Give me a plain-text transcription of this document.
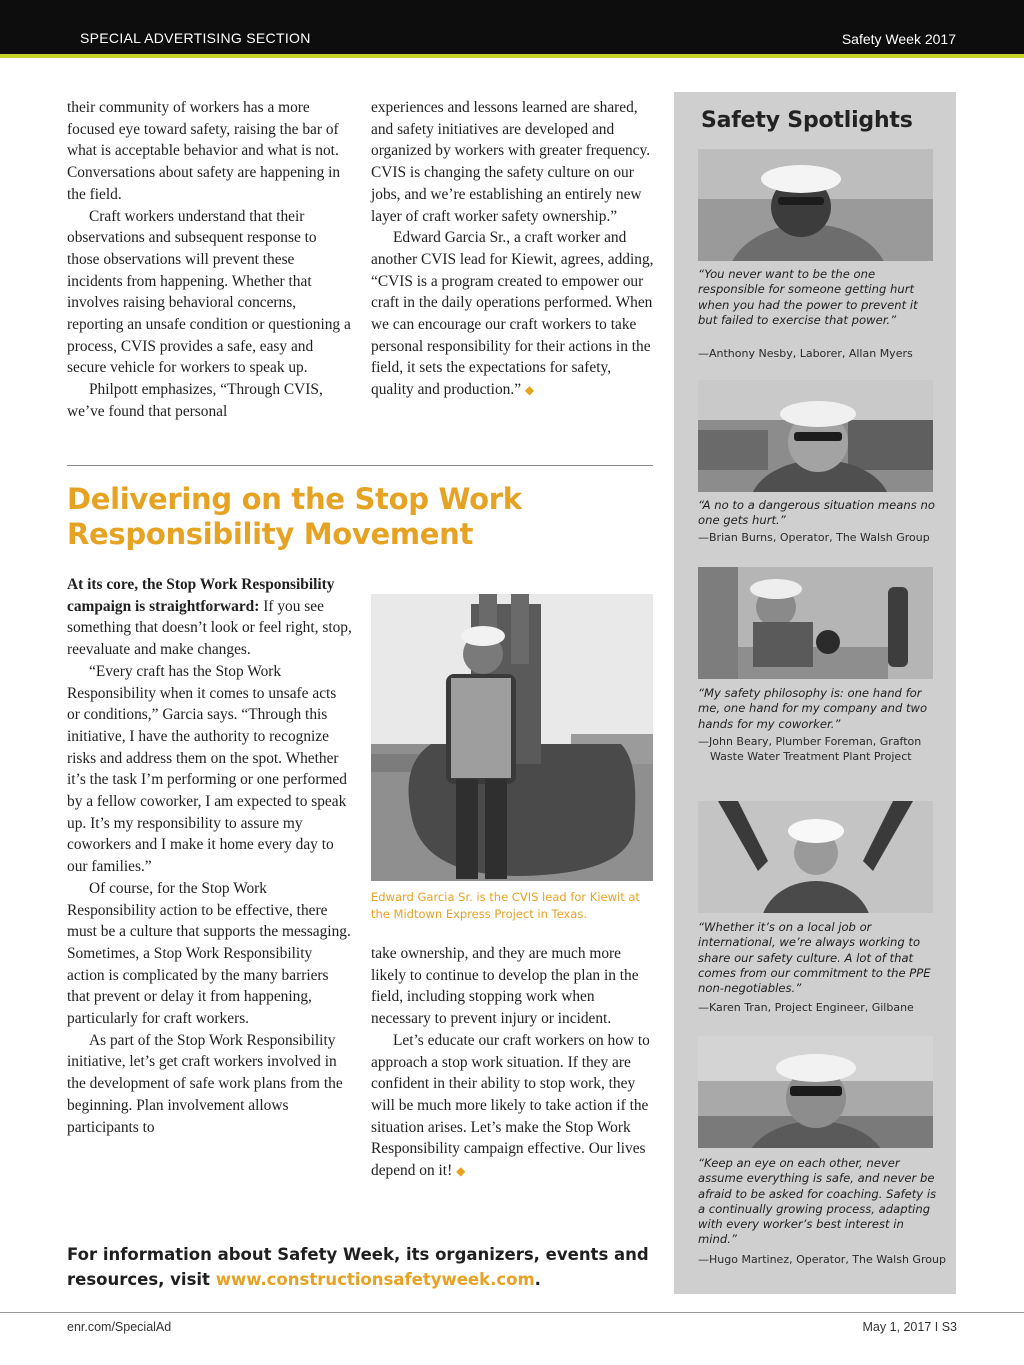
SPECIAL ADVERTISING SECTION	Safety Week 2017

their community of workers has a more focused eye toward safety, raising the bar of what is acceptable behavior and what is not. Conversations about safety are happening in the field.

Craft workers understand that their observations and subsequent response to those observations will prevent these incidents from happening. Whether that involves raising behavioral concerns, reporting an unsafe condition or questioning a process, CVIS provides a safe, easy and secure vehicle for workers to speak up.

Philpott emphasizes, “Through CVIS, we’ve found that personal

experiences and lessons learned are shared, and safety initiatives are developed and organized by workers with greater frequency. CVIS is changing the safety culture on our jobs, and we’re establishing an entirely new layer of craft worker safety ownership.”

Edward Garcia Sr., a craft worker and another CVIS lead for Kiewit, agrees, adding, “CVIS is a program created to empower our craft in the daily operations performed. When we can encourage our craft workers to take personal responsibility for their actions in the field, it sets the expectations for safety, quality and production.” ◆

Delivering on the Stop Work Responsibility Movement

At its core, the Stop Work Responsibility campaign is straightforward: If you see something that doesn’t look or feel right, stop, reevaluate and make changes.

“Every craft has the Stop Work Responsibility when it comes to unsafe acts or conditions,” Garcia says. “Through this initiative, I have the authority to recognize risks and address them on the spot. Whether it’s the task I’m performing or one performed by a fellow coworker, I am expected to speak up. It’s my responsibility to assure my coworkers and I make it home every day to our families.”

Of course, for the Stop Work Responsibility action to be effective, there must be a culture that supports the messaging. Sometimes, a Stop Work Responsibility action is complicated by the many barriers that prevent or delay it from happening, particularly for craft workers.

As part of the Stop Work Responsibility initiative, let’s get craft workers involved in the development of safe work plans from the beginning. Plan involvement allows participants to

Edward Garcia Sr. is the CVIS lead for Kiewit at the Midtown Express Project in Texas.

take ownership, and they are much more likely to continue to develop the plan in the field, including stopping work when necessary to prevent injury or incident.

Let’s educate our craft workers on how to approach a stop work situation. If they are confident in their ability to stop work, they will be much more likely to take action if the situation arises. Let’s make the Stop Work Responsibility campaign effective. Our lives depend on it! ◆

For information about Safety Week, its organizers, events and resources, visit www.constructionsafetyweek.com.
enr.com/SpecialAd	May 1, 2017 I S3
Safety Spotlights
“You never want to be the one responsible for someone getting hurt when you had the power to prevent it but failed to exercise that power.”
—Anthony Nesby, Laborer, Allan Myers
“A no to a dangerous situation means no one gets hurt.”
—Brian Burns, Operator, The Walsh Group
“My safety philosophy is: one hand for me, one hand for my company and two hands for my coworker.”
—John Beary, Plumber Foreman, Grafton Waste Water Treatment Plant Project
“Whether it’s on a local job or international, we’re always working to share our safety culture. A lot of that comes from our commitment to the PPE non-negotiables.”
—Karen Tran, Project Engineer, Gilbane
“Keep an eye on each other, never assume everything is safe, and never be afraid to be asked for coaching. Safety is a continually growing process, adapting with every worker’s best interest in mind.”
—Hugo Martinez, Operator, The Walsh Group
